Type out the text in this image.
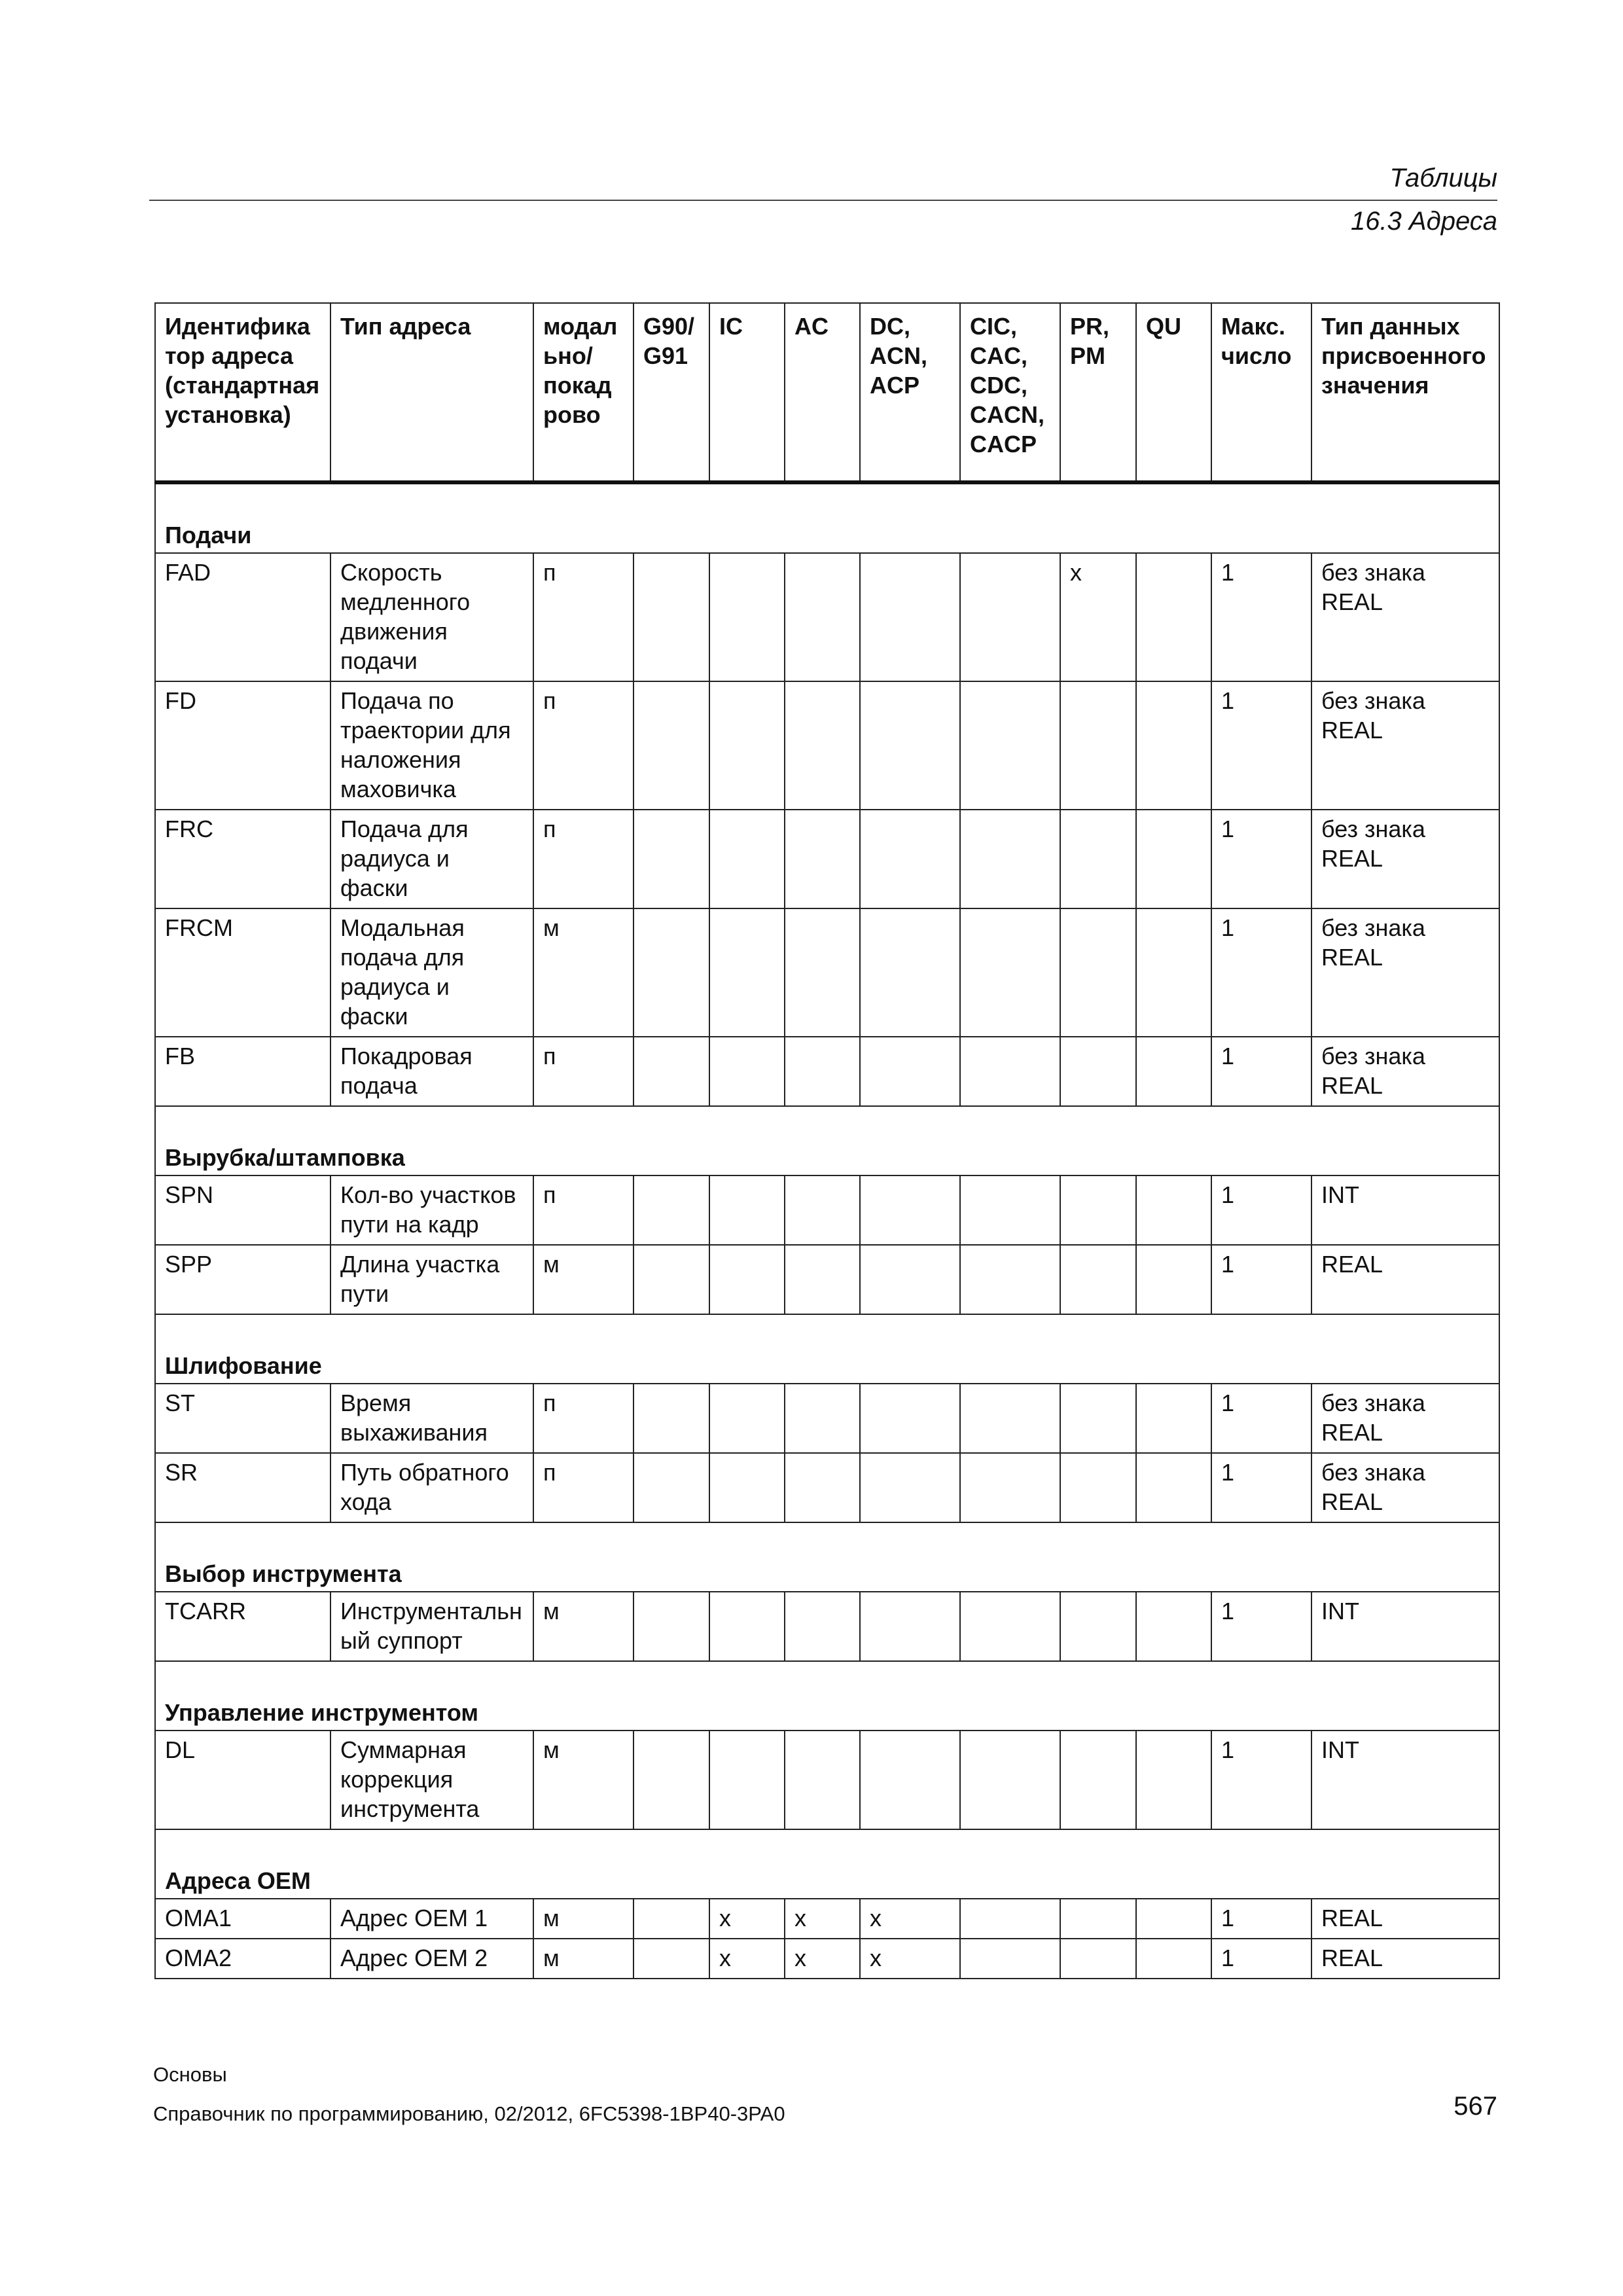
Таблицы
16.3 Адреса
Идентификатор адреса (стандартная установка)	Тип адреса	модально/ покадрово	G90/ G91	IC	AC	DC, ACN, ACP	CIC, CAC, CDC, CACN, CACP	PR, PM	QU	Макс. число	Тип данных присвоенного значения
Подачи											
FAD	Скорость медленного движения подачи	п						x		1	без знака REAL
FD	Подача по траектории для наложения маховичка	п								1	без знака REAL
FRC	Подача для радиуса и фаски	п								1	без знака REAL
FRCM	Модальная подача для радиуса и фаски	м								1	без знака REAL
FB	Покадровая подача	п								1	без знака REAL
Вырубка/штамповка											
SPN	Кол-во участков пути на кадр	п								1	INT
SPP	Длина участка пути	м								1	REAL
Шлифование											
ST	Время выхаживания	п								1	без знака REAL
SR	Путь обратного хода	п								1	без знака REAL
Выбор инструмента											
TCARR	Инструментальный суппорт	м								1	INT
Управление инструментом											
DL	Суммарная коррекция инструмента	м								1	INT
Адреса OEM											
OMA1	Адрес OEM 1	м		x	x	x				1	REAL
OMA2	Адрес OEM 2	м		x	x	x				1	REAL
Основы
Справочник по программированию, 02/2012, 6FC5398-1BP40-3PA0	567
